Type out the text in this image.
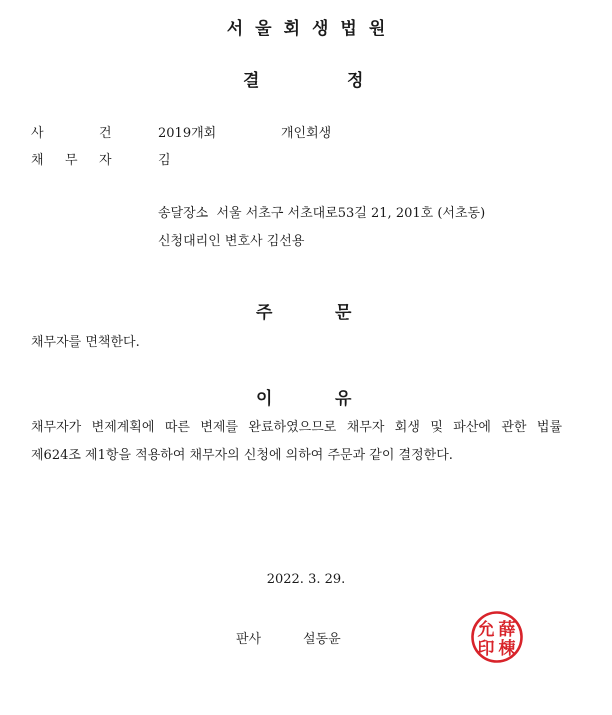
서울회생법원
결	정
사	건	2019개회	개인회생
채 무 자	김
송달장소  서울 서초구 서초대로53길 21, 201호 (서초동)
신청대리인 변호사 김선용
주	문
채무자를 면책한다.
이	유
채무자가 변제계획에 따른 변제를 완료하였으므로 채무자 회생 및 파산에 관한 법률
제624조 제1항을 적용하여 채무자의 신청에 의하여 주문과 같이 결정한다.
2022. 3. 29.
판사	설동윤	允 薛
印 棟
